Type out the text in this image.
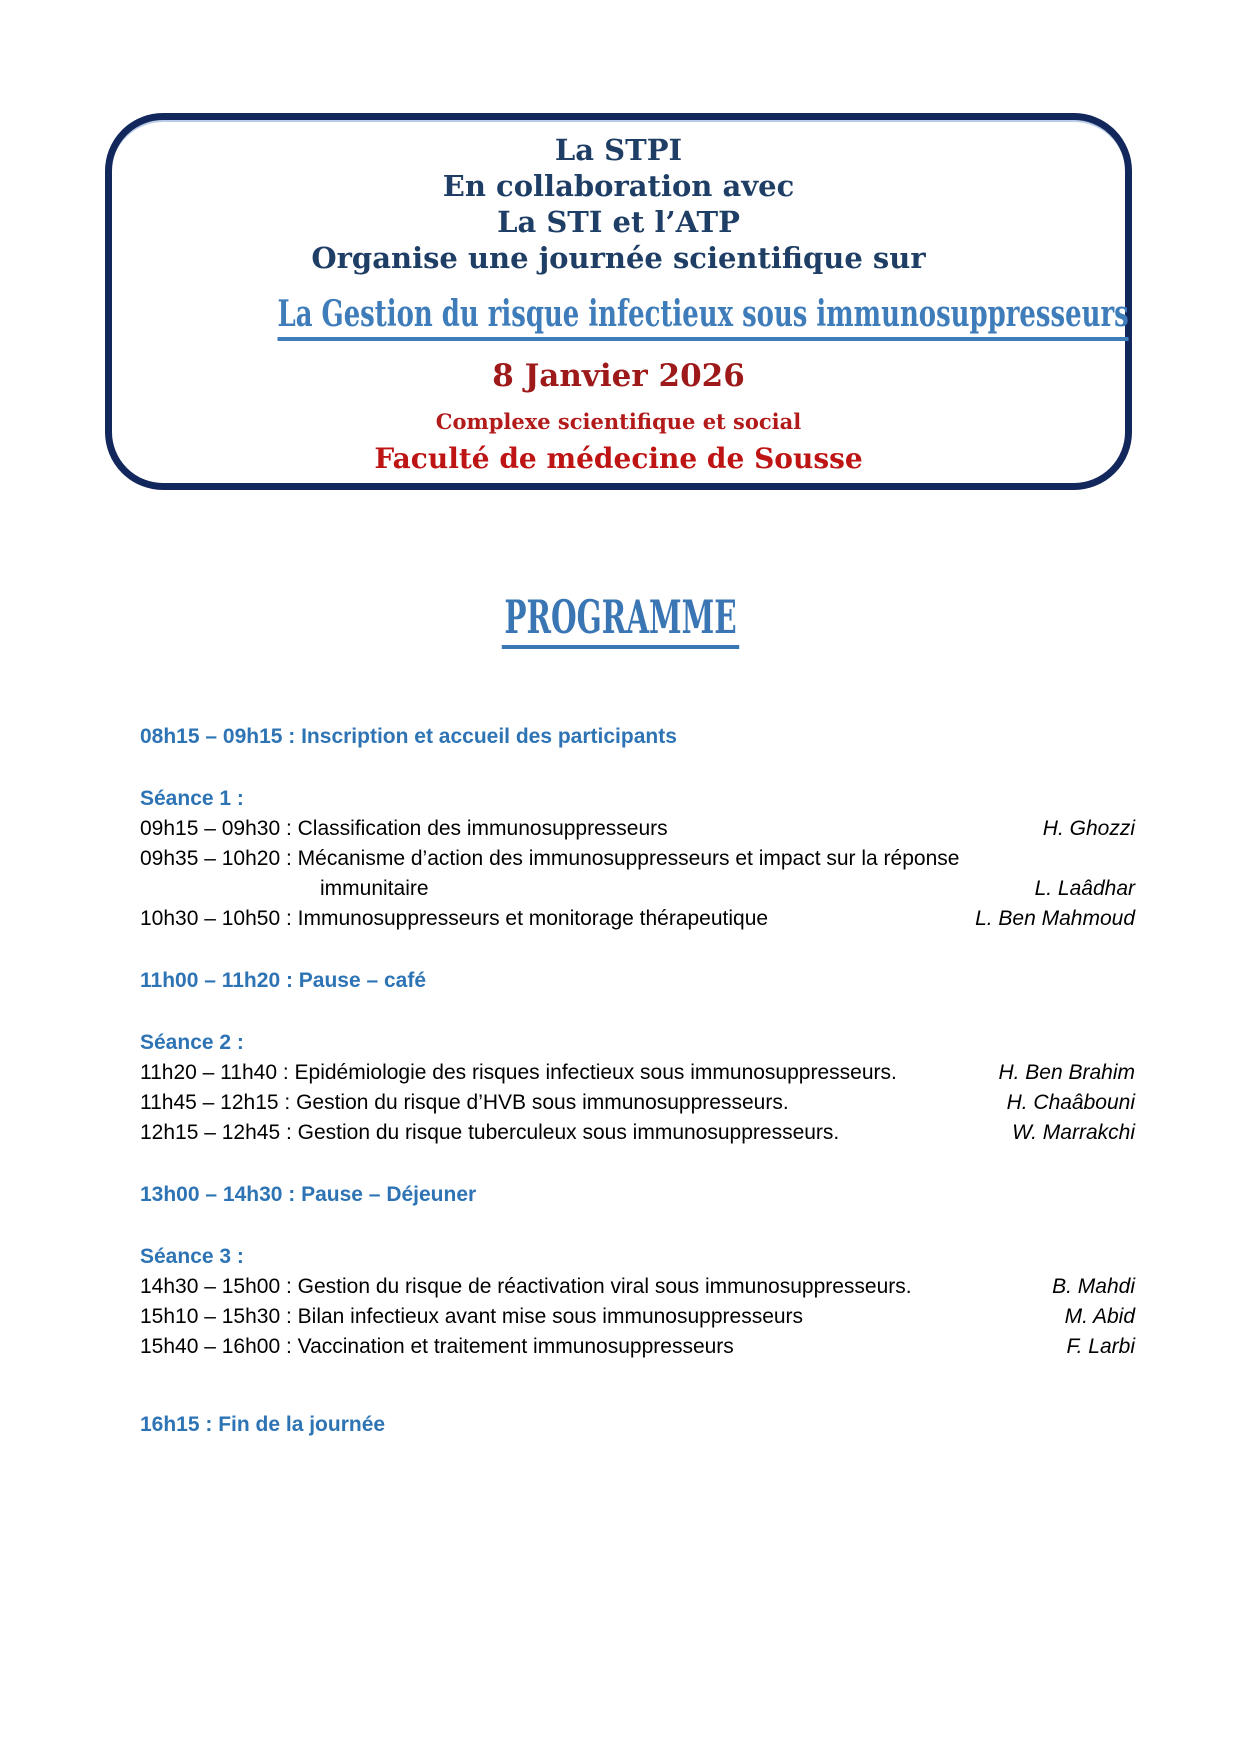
La STPI
En collaboration avec
La STI et l’ATP
Organise une journée scientifique sur
La Gestion du risque infectieux sous immunosuppresseurs
8 Janvier 2026
Complexe scientifique et social
Faculté de médecine de Sousse
PROGRAMME
08h15 – 09h15 : Inscription et accueil des participants
Séance 1 :
09h15 – 09h30 : Classification des immunosuppresseurs	H. Ghozzi
09h35 – 10h20 : Mécanisme d’action des immunosuppresseurs et impact sur la réponse
immunitaire	L. Laâdhar
10h30 – 10h50 : Immunosuppresseurs et monitorage thérapeutique	L. Ben Mahmoud
11h00 – 11h20 : Pause – café
Séance 2 :
11h20 – 11h40 : Epidémiologie des risques infectieux sous immunosuppresseurs.	H. Ben Brahim
11h45 – 12h15 : Gestion du risque d’HVB sous immunosuppresseurs.	H. Chaâbouni
12h15 – 12h45 : Gestion du risque tuberculeux sous immunosuppresseurs.	W. Marrakchi
13h00 – 14h30 : Pause – Déjeuner
Séance 3 :
14h30 – 15h00 : Gestion du risque de réactivation viral sous immunosuppresseurs.	B. Mahdi
15h10 – 15h30 : Bilan infectieux avant mise sous immunosuppresseurs	M. Abid
15h40 – 16h00 : Vaccination et traitement immunosuppresseurs	F. Larbi
16h15 : Fin de la journée
